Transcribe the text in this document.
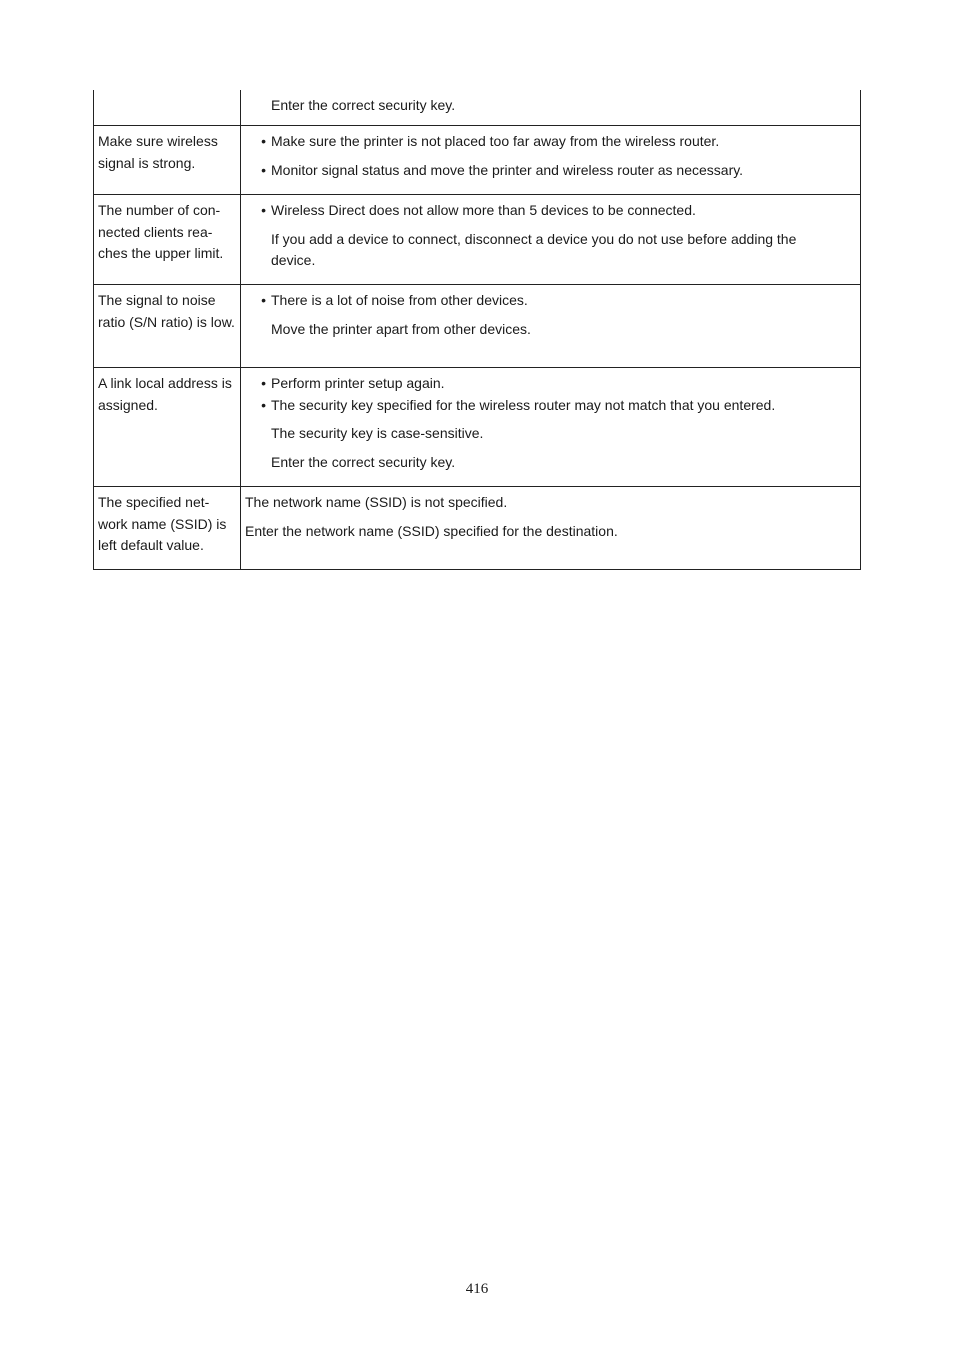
Enter the correct security key.
Make sure wireless signal is strong.
• Make sure the printer is not placed too far away from the wireless router.
• Monitor signal status and move the printer and wireless router as necessary.
The number of con- nected clients rea- ches the upper limit.
• Wireless Direct does not allow more than 5 devices to be connected.
If you add a device to connect, disconnect a device you do not use before adding the device.
The signal to noise ratio (S/N ratio) is low.
• There is a lot of noise from other devices.
Move the printer apart from other devices.
A link local address is assigned.
• Perform printer setup again.
• The security key specified for the wireless router may not match that you entered.
The security key is case-sensitive.
Enter the correct security key.
The specified net- work name (SSID) is left default value.
The network name (SSID) is not specified.
Enter the network name (SSID) specified for the destination.
416
